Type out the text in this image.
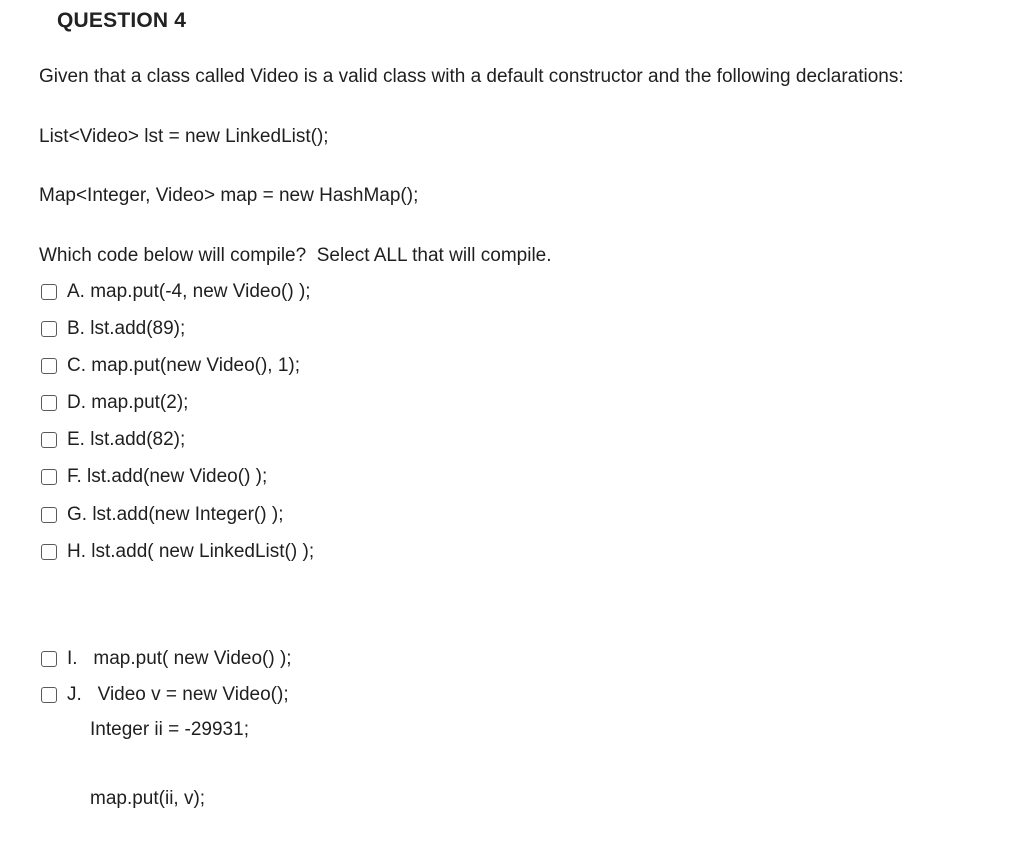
QUESTION 4
Given that a class called Video is a valid class with a default constructor and the following declarations:
List<Video> lst = new LinkedList();
Map<Integer, Video> map = new HashMap();
Which code below will compile?  Select ALL that will compile.
A. map.put(-4, new Video() );
B. lst.add(89);
C. map.put(new Video(), 1);
D. map.put(2);
E. lst.add(82);
F. lst.add(new Video() );
G. lst.add(new Integer() );
H. lst.add( new LinkedList() );
I.   map.put( new Video() );
J.   Video v = new Video();
Integer ii = -29931;
map.put(ii, v);
